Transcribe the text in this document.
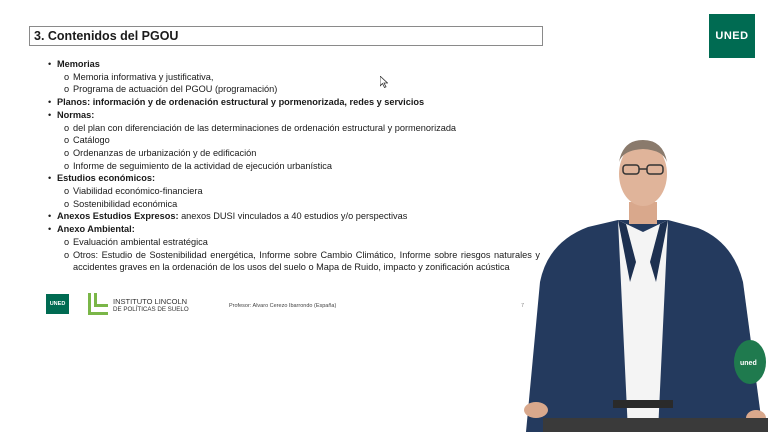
3. Contenidos del PGOU	UNED
• Memorias
o Memoria informativa y justificativa,
o Programa de actuación del PGOU (programación)
• Planos: información y de ordenación estructural y pormenorizada, redes y servicios
• Normas:
o del plan con diferenciación de las determinaciones de ordenación estructural y pormenorizada
o Catálogo
o Ordenanzas de urbanización y de edificación
o Informe de seguimiento de la actividad de ejecución urbanística
• Estudios económicos:
o Viabilidad económico-financiera
o Sostenibilidad económica
• Anexos Estudios Expresos: anexos DUSI vinculados a 40 estudios y/o perspectivas
• Anexo Ambiental:
o Evaluación ambiental estratégica
o Otros: Estudio de Sostenibilidad energética, Informe sobre Cambio Climático, Informe sobre riesgos naturales y accidentes graves en la ordenación de los usos del suelo o Mapa de Ruido, impacto y zonificación acústica
UNED	INSTITUTO LINCOLN
DE POLÍTICAS DE SUELO	Profesor: Alvaro Cerezo Ibarrondo (España)	7
uned
